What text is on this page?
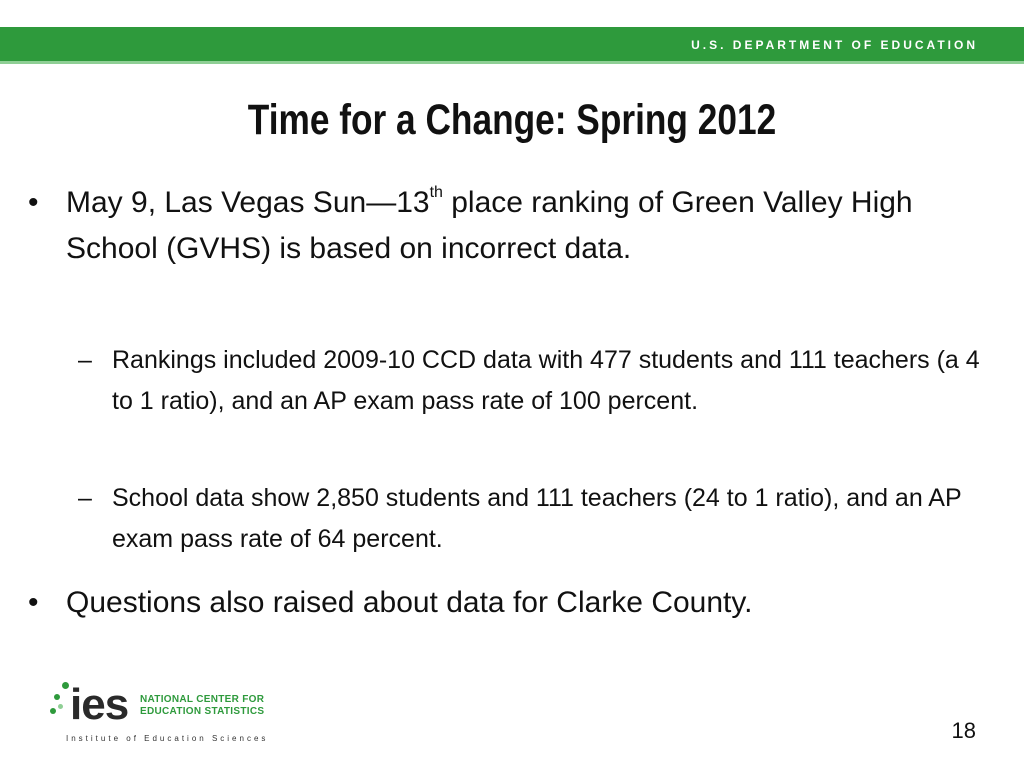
U.S. DEPARTMENT OF EDUCATION
Time for a Change: Spring 2012
• May 9, Las Vegas Sun—13th place ranking of Green Valley High School (GVHS) is based on incorrect data.
– Rankings included 2009-10 CCD data with 477 students and 111 teachers (a 4 to 1 ratio), and an AP exam pass rate of 100 percent.
– School data show 2,850 students and 111 teachers (24 to 1 ratio), and an AP exam pass rate of 64 percent.
• Questions also raised about data for Clarke County.
ies NATIONAL CENTER FOR
EDUCATION STATISTICS
Institute of Education Sciences	18
